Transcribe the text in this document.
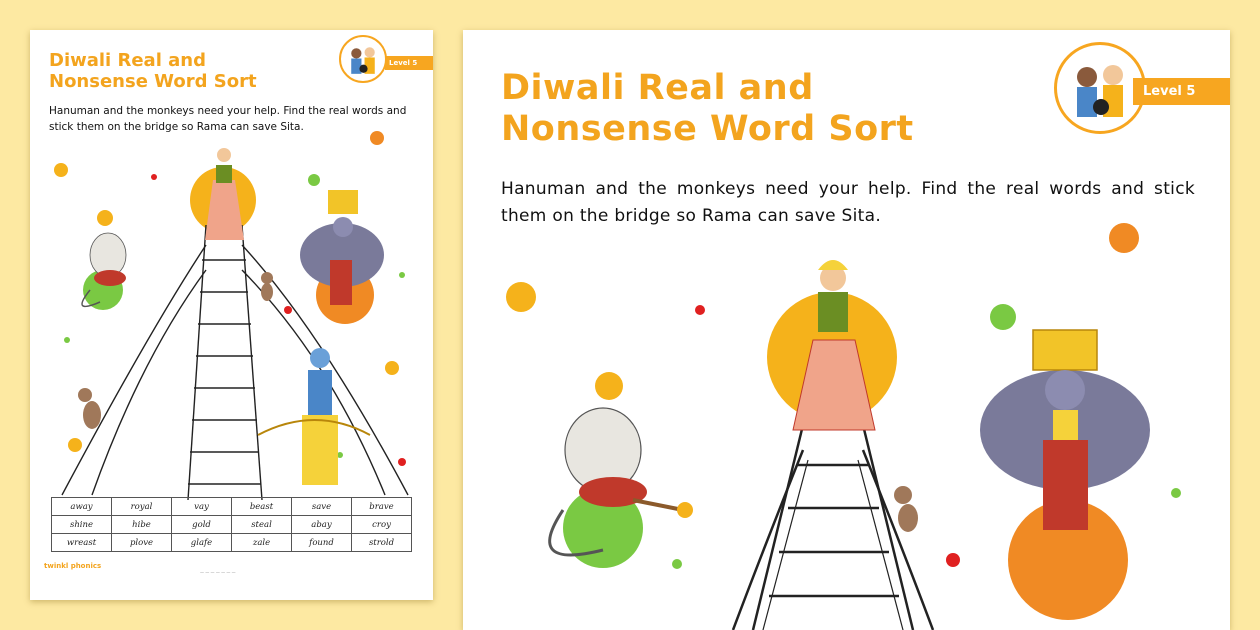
Level 5
Diwali Real and
Nonsense Word Sort

Hanuman and the monkeys need your help. Find the real words and stick them on the bridge so Rama can save Sita.

away	royal	vay	beast	save	brave
shine	hibe	gold	steal	abay	croy
wreast	plove	glafe	zale	found	strold
twinkl phonics
— — — — — — —
Level 5
Diwali Real and
Nonsense Word Sort

Hanuman and the monkeys need your help. Find the real words and stick them on the bridge so Rama can save Sita.
